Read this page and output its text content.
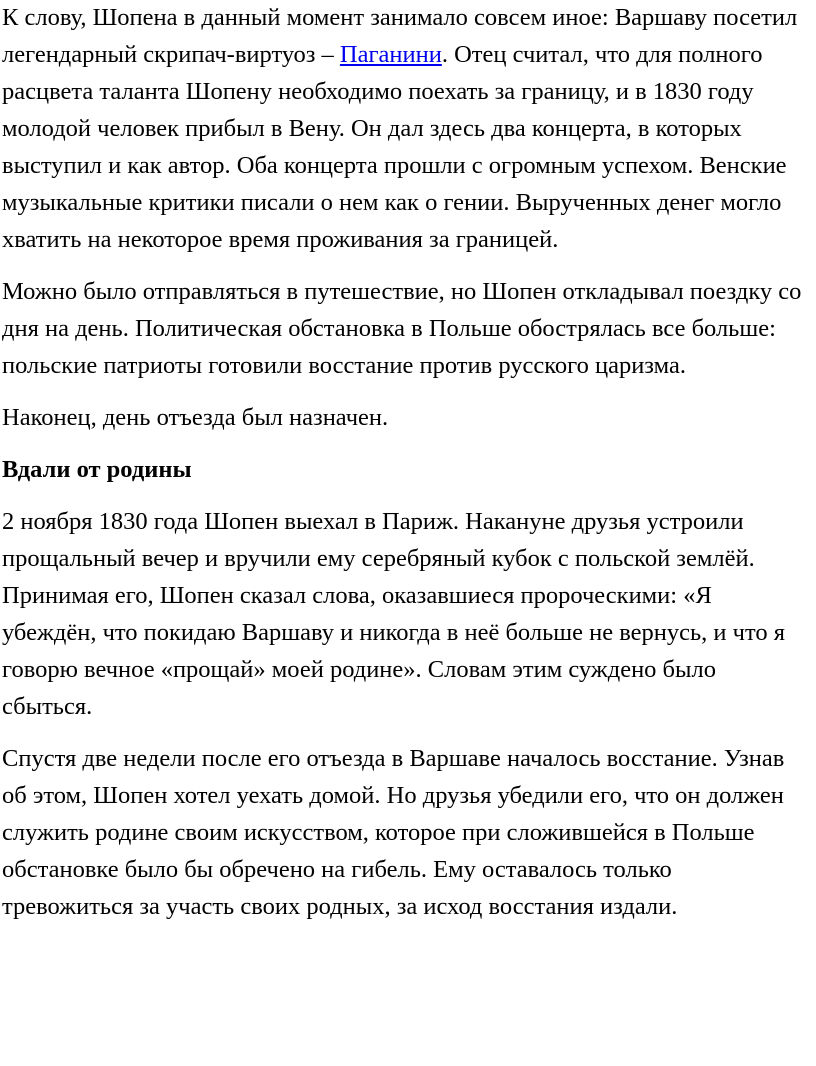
К слову, Шопена в данный момент занимало совсем иное: Варшаву посетил легендарный скрипач-виртуоз – Паганини. Отец считал, что для полного расцвета таланта Шопену необходимо поехать за границу, и в 1830 году молодой человек прибыл в Вену. Он дал здесь два концерта, в которых выступил и как автор. Оба концерта прошли с огромным успехом. Венские музыкальные критики писали о нем как о гении. Вырученных денег могло хватить на некоторое время проживания за границей.

Можно было отправляться в путешествие, но Шопен откладывал поездку со дня на день. Политическая обстановка в Польше обострялась все больше: польские патриоты готовили восстание против русского царизма.

Наконец, день отъезда был назначен.

Вдали от родины

2 ноября 1830 года Шопен выехал в Париж. Накануне друзья устроили прощальный вечер и вручили ему серебряный кубок с польской землёй. Принимая его, Шопен сказал слова, оказавшиеся пророческими: «Я убеждён, что покидаю Варшаву и никогда в неё больше не вернусь, и что я говорю вечное «прощай» моей родине». Словам этим суждено было сбыться.

Спустя две недели после его отъезда в Варшаве началось восстание. Узнав об этом, Шопен хотел уехать домой. Но друзья убедили его, что он должен служить родине своим искусством, которое при сложившейся в Польше обстановке было бы обречено на гибель. Ему оставалось только тревожиться за участь своих родных, за исход восстания издали.
